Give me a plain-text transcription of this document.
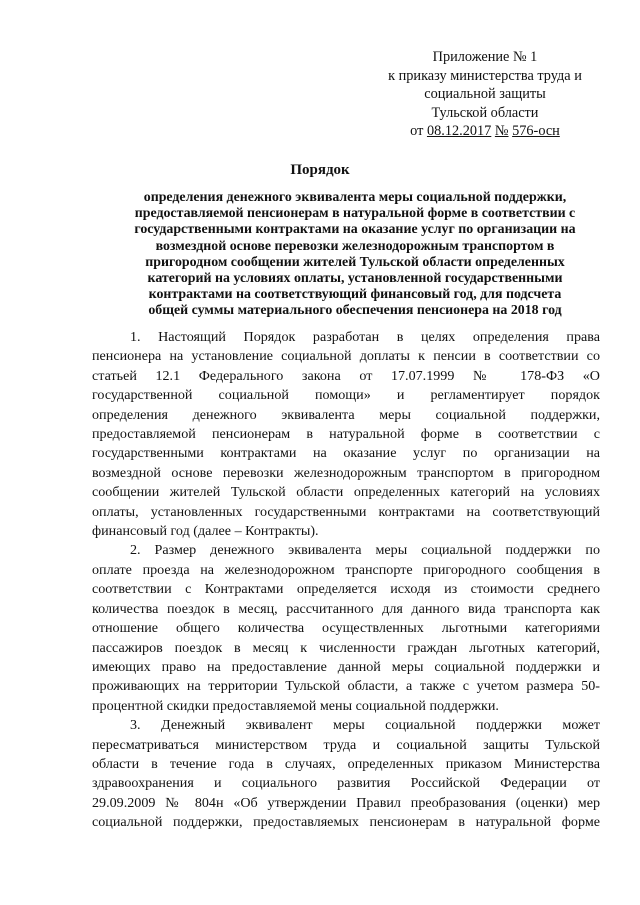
Приложение № 1
к приказу министерства труда и
социальной защиты
Тульской области
от 08.12.2017 № 576-осн
Порядок
определения денежного эквивалента меры социальной поддержки,
предоставляемой пенсионерам в натуральной форме в соответствии с
государственными контрактами на оказание услуг по организации на
возмездной основе перевозки железнодорожным транспортом в
пригородном сообщении жителей Тульской области определенных
категорий на условиях оплаты, установленной государственными
контрактами на соответствующий финансовый год, для подсчета
общей суммы материального обеспечения пенсионера на 2018 год
1. Настоящий Порядок разработан в целях определения права
пенсионера на установление социальной доплаты к пенсии в соответствии со
статьей 12.1 Федерального закона от 17.07.1999 № 178-ФЗ «О
государственной социальной помощи» и регламентирует порядок
определения денежного эквивалента меры социальной поддержки,
предоставляемой пенсионерам в натуральной форме в соответствии с
государственными контрактами на оказание услуг по организации на
возмездной основе перевозки железнодорожным транспортом в пригородном
сообщении жителей Тульской области определенных категорий на условиях
оплаты, установленных государственными контрактами на соответствующий
финансовый год (далее – Контракты).
2. Размер денежного эквивалента меры социальной поддержки по
оплате проезда на железнодорожном транспорте пригородного сообщения в
соответствии с Контрактами определяется исходя из стоимости среднего
количества поездок в месяц, рассчитанного для данного вида транспорта как
отношение общего количества осуществленных льготными категориями
пассажиров поездок в месяц к численности граждан льготных категорий,
имеющих право на предоставление данной меры социальной поддержки и
проживающих на территории Тульской области, а также с учетом размера 50-
процентной скидки предоставляемой мены социальной поддержки.
3. Денежный эквивалент меры социальной поддержки может
пересматриваться министерством труда и социальной защиты Тульской
области в течение года в случаях, определенных приказом Министерства
здравоохранения и социального развития Российской Федерации от
29.09.2009 № 804н «Об утверждении Правил преобразования (оценки) мер
социальной поддержки, предоставляемых пенсионерам в натуральной форме
